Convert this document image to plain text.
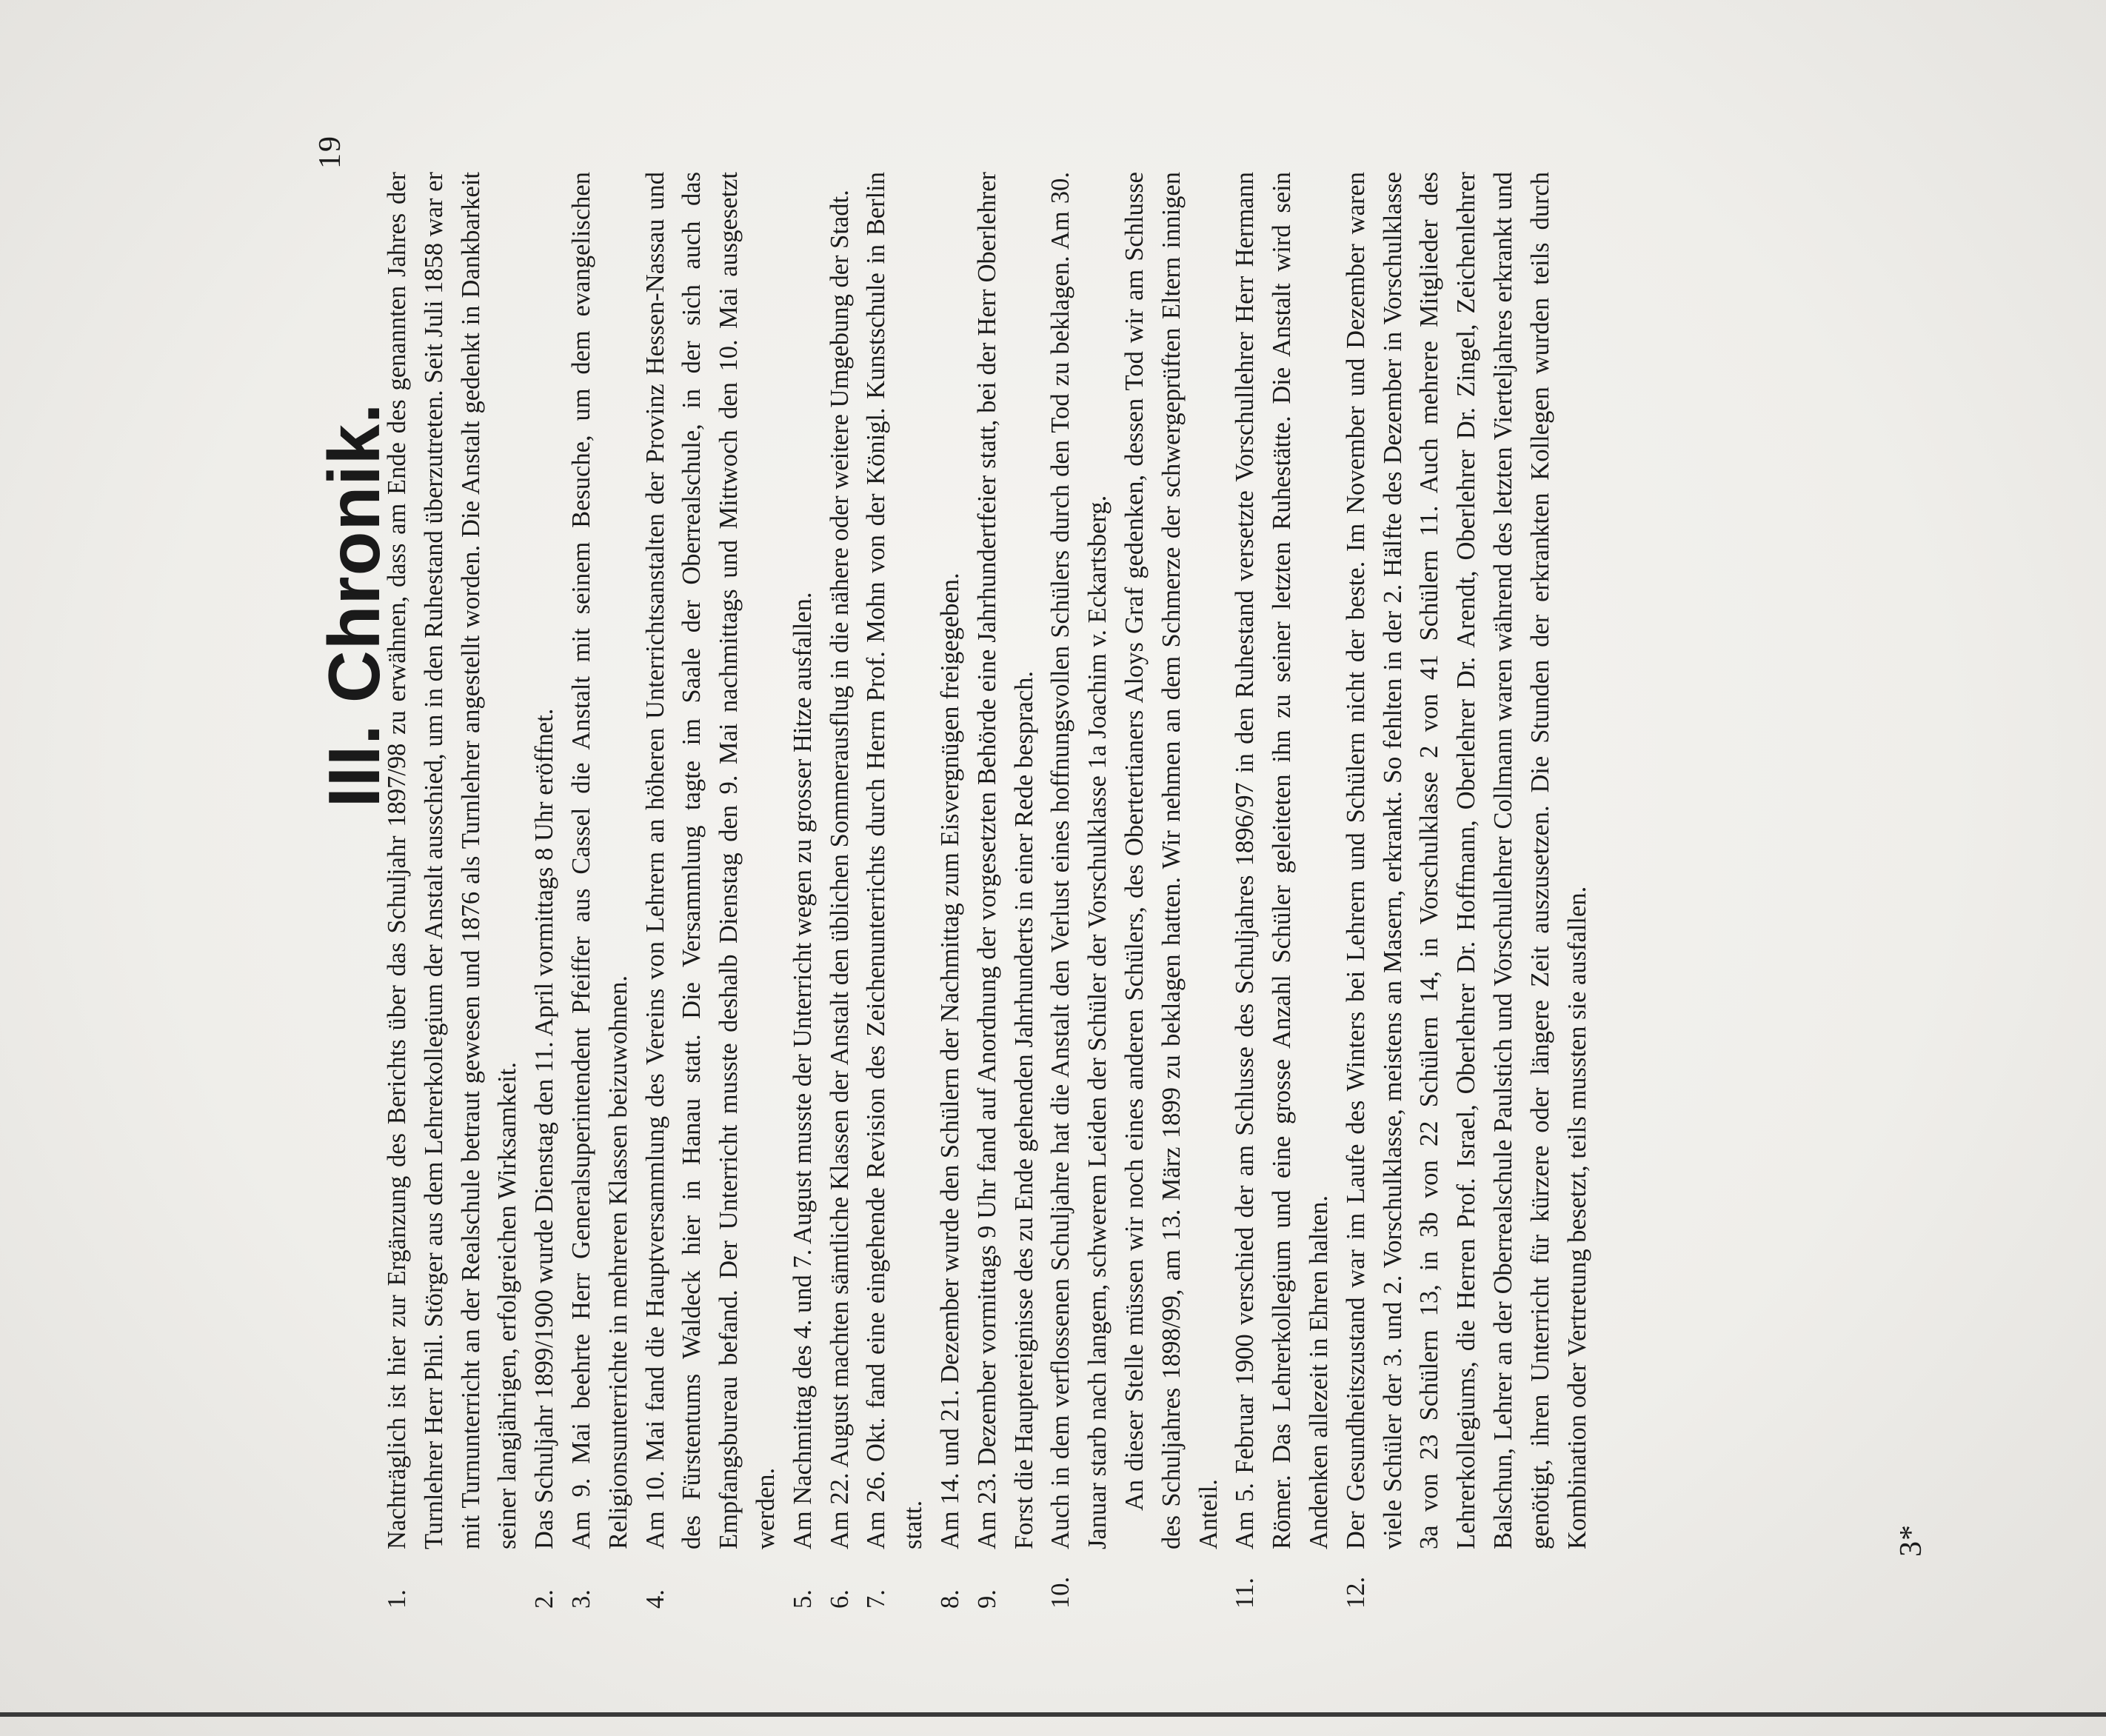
19
III. Chronik.
1.

Nachträglich ist hier zur Ergänzung des Berichts über das Schuljahr 1897/98 zu erwähnen, dass am Ende des genannten Jahres der Turnlehrer Herr Phil. Störger aus dem Lehrerkollegium der Anstalt ausschied, um in den Ruhestand überzutreten. Seit Juli 1858 war er mit Turnunterricht an der Realschule betraut gewesen und 1876 als Turnlehrer angestellt worden. Die Anstalt gedenkt in Dankbarkeit seiner langjährigen, erfolgreichen Wirksamkeit.

2.

Das Schuljahr 1899/1900 wurde Dienstag den 11. April vormittags 8 Uhr eröffnet.

3.

Am 9. Mai beehrte Herr Generalsuperintendent Pfeiffer aus Cassel die Anstalt mit seinem Besuche, um dem evangelischen Religionsunterrichte in mehreren Klassen beizuwohnen.

4.

Am 10. Mai fand die Hauptversammlung des Vereins von Lehrern an höheren Unterrichtsanstalten der Provinz Hessen-Nassau und des Fürstentums Waldeck hier in Hanau statt. Die Versammlung tagte im Saale der Oberrealschule, in der sich auch das Empfangsbureau befand. Der Unterricht musste deshalb Dienstag den 9. Mai nachmittags und Mittwoch den 10. Mai ausgesetzt werden.

5.

Am Nachmittag des 4. und 7. August musste der Unterricht wegen zu grosser Hitze ausfallen.

6.

Am 22. August machten sämtliche Klassen der Anstalt den üblichen Sommerausflug in die nähere oder weitere Umgebung der Stadt.

7.

Am 26. Okt. fand eine eingehende Revision des Zeichenunterrichts durch Herrn Prof. Mohn von der Königl. Kunstschule in Berlin statt.

8.

Am 14. und 21. Dezember wurde den Schülern der Nachmittag zum Eisvergnügen freigegeben.

9.

Am 23. Dezember vormittags 9 Uhr fand auf Anordnung der vorgesetzten Behörde eine Jahrhundertfeier statt, bei der Herr Oberlehrer Forst die Hauptereignisse des zu Ende gehenden Jahrhunderts in einer Rede besprach.

10.

Auch in dem verflossenen Schuljahre hat die Anstalt den Verlust eines hoffnungsvollen Schülers durch den Tod zu beklagen. Am 30. Januar starb nach langem, schwerem Leiden der Schüler der Vorschulklasse 1a Joachim v. Eckartsberg. An dieser Stelle müssen wir noch eines anderen Schülers, des Obertertianers Aloys Graf gedenken, dessen Tod wir am Schlusse des Schuljahres 1898/99, am 13. März 1899 zu beklagen hatten. Wir nehmen an dem Schmerze der schwergeprüften Eltern innigen Anteil.

11.

Am 5. Februar 1900 verschied der am Schlusse des Schuljahres 1896/97 in den Ruhestand versetzte Vorschullehrer Herr Hermann Römer. Das Lehrerkollegium und eine grosse Anzahl Schüler geleiteten ihn zu seiner letzten Ruhestätte. Die Anstalt wird sein Andenken allezeit in Ehren halten.

12.

Der Gesundheitszustand war im Laufe des Winters bei Lehrern und Schülern nicht der beste. Im November und Dezember waren viele Schüler der 3. und 2. Vorschulklasse, meistens an Masern, erkrankt. So fehlten in der 2. Hälfte des Dezember in Vorschulklasse 3a von 23 Schülern 13, in 3b von 22 Schülern 14, in Vorschulklasse 2 von 41 Schülern 11. Auch mehrere Mitglieder des Lehrerkollegiums, die Herren Prof. Israel, Oberlehrer Dr. Hoffmann, Oberlehrer Dr. Arendt, Oberlehrer Dr. Zingel, Zeichenlehrer Balschun, Lehrer an der Oberrealschule Paulstich und Vorschullehrer Collmann waren während des letzten Vierteljahres erkrankt und genötigt, ihren Unterricht für kürzere oder längere Zeit auszusetzen. Die Stunden der erkrankten Kollegen wurden teils durch Kombination oder Vertretung besetzt, teils mussten sie ausfallen.	3*
